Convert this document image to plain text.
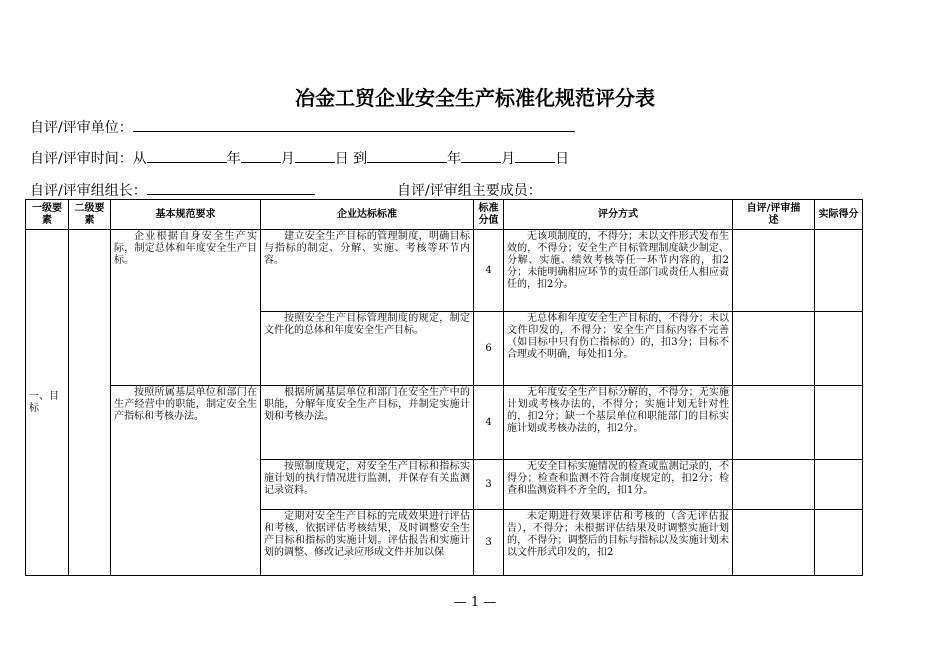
冶金工贸企业安全生产标准化规范评分表
自评/评审单位：
自评/评审时间：从	年	月	日 到	年	月	日
自评/评审组组长：	自评/评审组主要成员：
一级要素	二级要素	基本规范要求	企业达标标准	标准分值	评分方式	自评/评审描　　述	实际得分
一、目标		企业根据自身安全生产实际，制定总体和年度安全生产目标。	建立安全生产目标的管理制度，明确目标与指标的制定、分解、实施、考核等环节内容。	4	无该项制度的，不得分；未以文件形式发布生效的，不得分；安全生产目标管理制度缺少制定、分解、实施、绩效考核等任一环节内容的，扣2分；未能明确相应环节的责任部门或责任人相应责任的，扣2分。		
			按照安全生产目标管理制度的规定，制定文件化的总体和年度安全生产目标。	6	无总体和年度安全生产目标的，不得分；未以文件印发的，不得分；安全生产目标内容不完善（如目标中只有伤亡指标的）的，扣3分；目标不合理或不明确，每处扣1分。		
		按照所属基层单位和部门在生产经营中的职能，制定安全生产指标和考核办法。	根据所属基层单位和部门在安全生产中的职能，分解年度安全生产目标，并制定实施计划和考核办法。	4	无年度安全生产目标分解的，不得分；无实施计划或考核办法的，不得分；实施计划无针对性的，扣2分；缺一个基层单位和职能部门的目标实施计划或考核办法的，扣2分。		
			按照制度规定，对安全生产目标和指标实施计划的执行情况进行监测，并保存有关监测记录资料。	3	无安全目标实施情况的检查或监测记录的，不得分；检查和监测不符合制度规定的，扣2分；检查和监测资料不齐全的，扣1分。		
			定期对安全生产目标的完成效果进行评估和考核，依据评估考核结果，及时调整安全生产目标和指标的实施计划。评估报告和实施计划的调整、修改记录应形成文件并加以保	3	未定期进行效果评估和考核的（含无评估报告），不得分；未根据评估结果及时调整实施计划的，不得分；调整后的目标与指标以及实施计划未以文件形式印发的，扣2		
— 1 —
